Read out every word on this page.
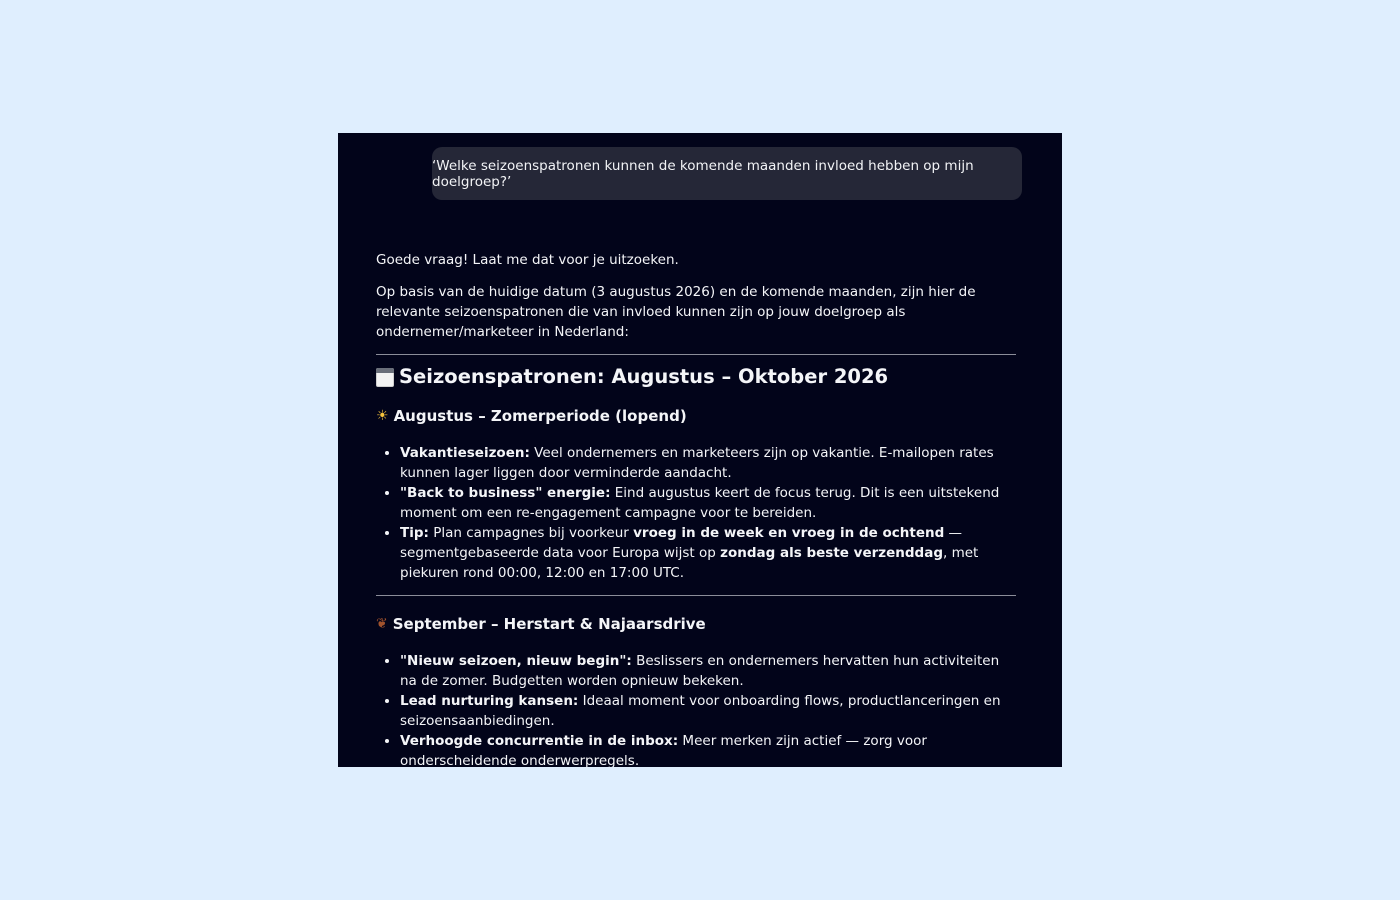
‘Welke seizoenspatronen kunnen de komende maanden invloed hebben op mijn doelgroep?’

Goede vraag! Laat me dat voor je uitzoeken.

Op basis van de huidige datum (3 augustus 2026) en de komende maanden, zijn hier de relevante seizoenspatronen die van invloed kunnen zijn op jouw doelgroep als ondernemer/marketeer in Nederland:

Seizoenspatronen: Augustus – Oktober 2026
☀ Augustus – Zomerperiode (lopend)
• Vakantieseizoen: Veel ondernemers en marketeers zijn op vakantie. E-mailopen rates kunnen lager liggen door verminderde aandacht.
• "Back to business" energie: Eind augustus keert de focus terug. Dit is een uitstekend moment om een re-engagement campagne voor te bereiden.
• Tip: Plan campagnes bij voorkeur vroeg in de week en vroeg in de ochtend — segmentgebaseerde data voor Europa wijst op zondag als beste verzenddag, met piekuren rond 00:00, 12:00 en 17:00 UTC.
❦ September – Herstart & Najaarsdrive
• "Nieuw seizoen, nieuw begin": Beslissers en ondernemers hervatten hun activiteiten na de zomer. Budgetten worden opnieuw bekeken.
• Lead nurturing kansen: Ideaal moment voor onboarding flows, productlanceringen en seizoensaanbiedingen.
• Verhoogde concurrentie in de inbox: Meer merken zijn actief — zorg voor onderscheidende onderwerpregels.
